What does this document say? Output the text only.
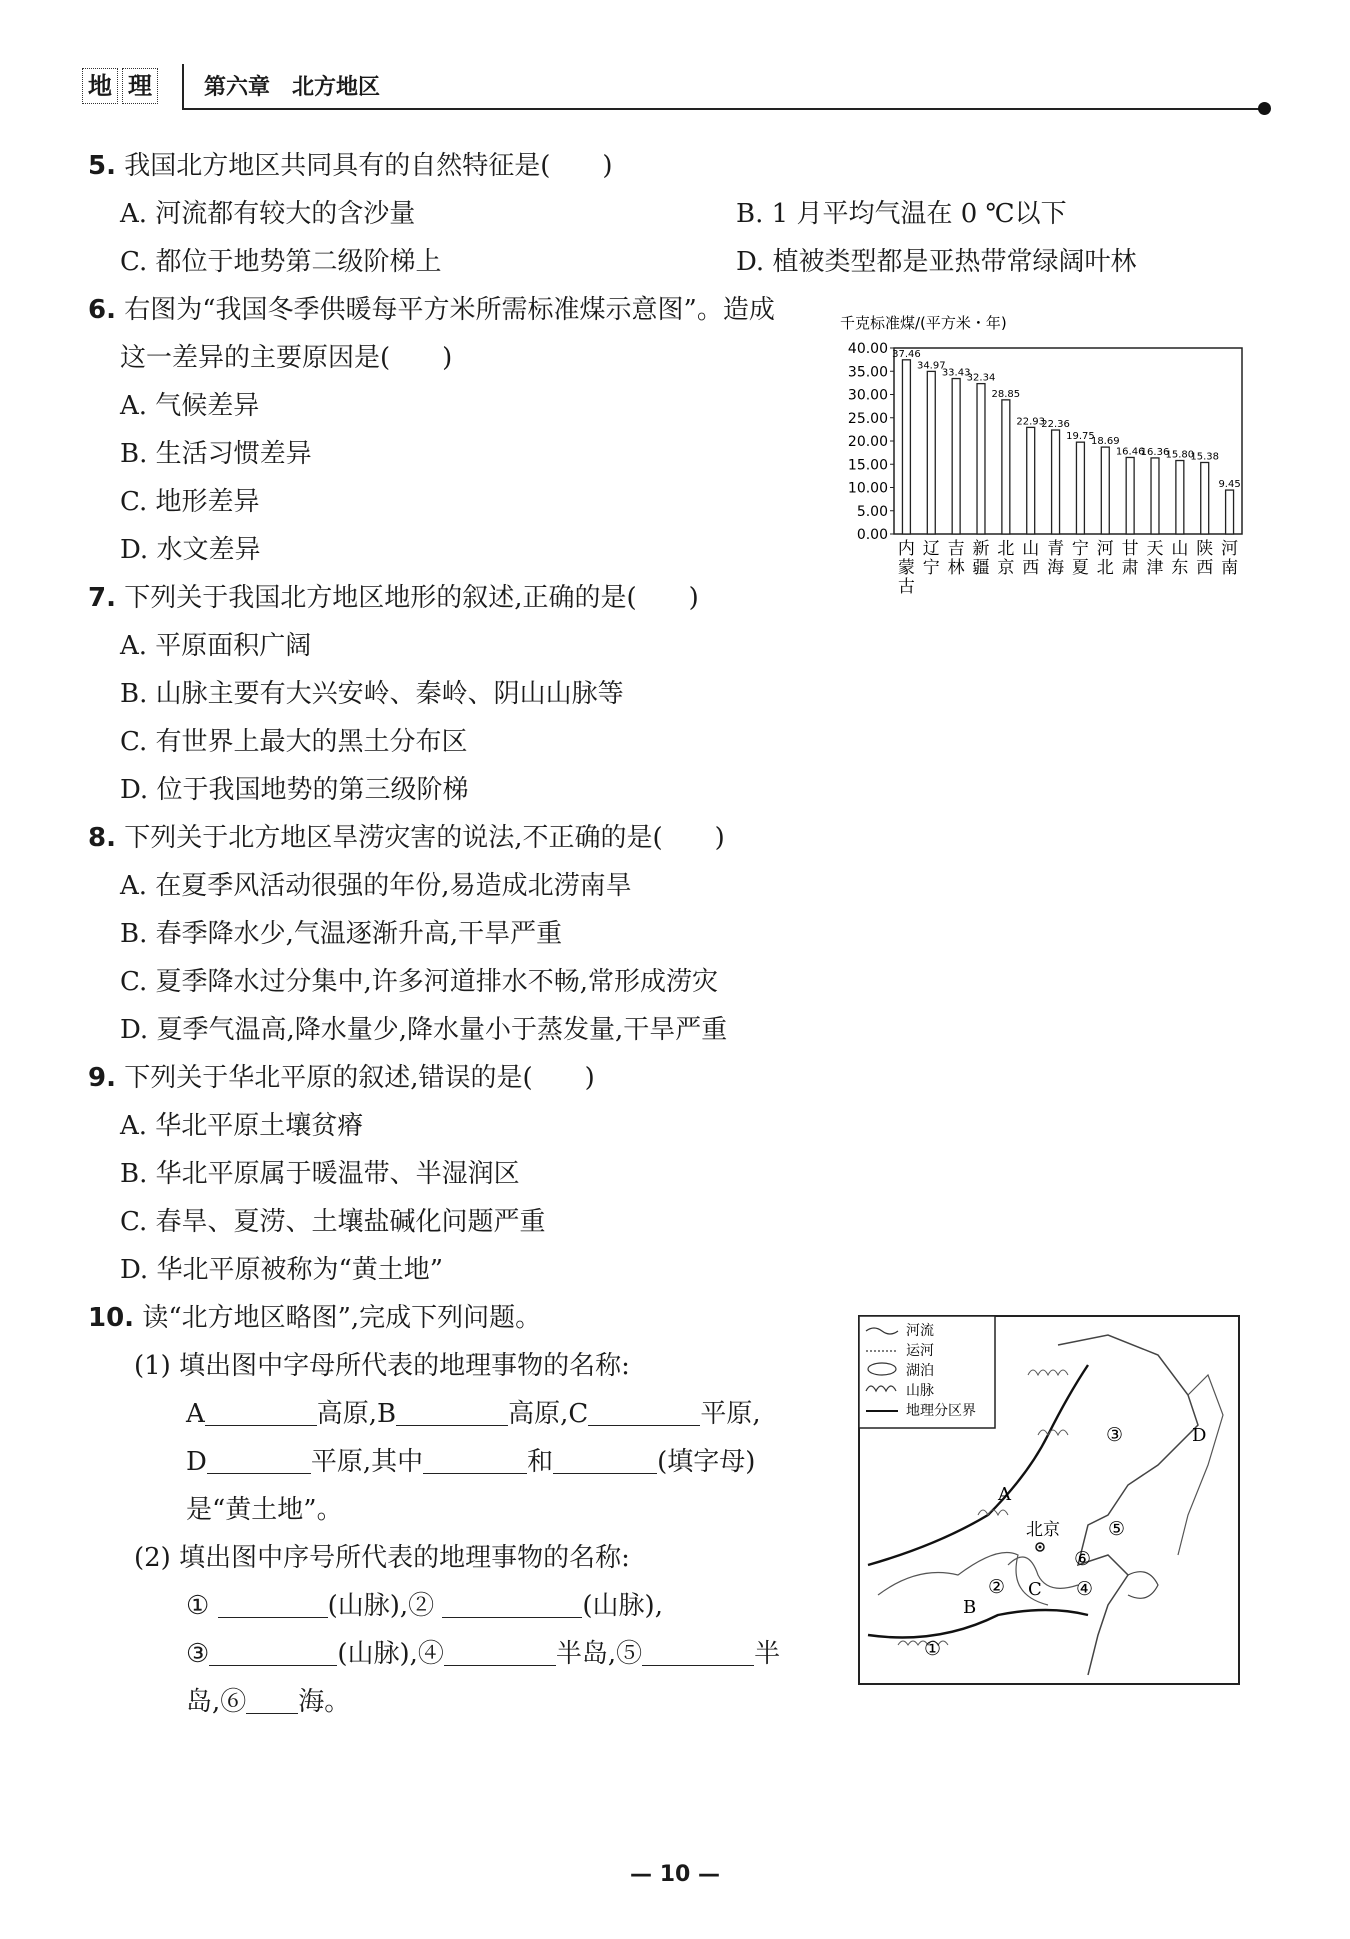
地 理 第六章　北方地区
5. 我国北方地区共同具有的自然特征是(　　)
A. 河流都有较大的含沙量	B. 1 月平均气温在 0 ℃以下
C. 都位于地势第二级阶梯上	D. 植被类型都是亚热带常绿阔叶林
6. 右图为“我国冬季供暖每平方米所需标准煤示意图”。造成
这一差异的主要原因是(　　)
A. 气候差异
B. 生活习惯差异
C. 地形差异
D. 水文差异
千克标准煤/(平方米・年)
40.00
35.00
30.00
25.00
20.00
15.00
10.00
5.00
0.00
37.46
内
蒙
古
34.97
辽
宁
33.43
吉
林
32.34
新
疆
28.85
北
京
22.93
山
西
22.36
青
海
19.75
宁
夏
18.69
河
北
16.46
甘
肃
16.36
天
津
15.80
山
东
15.38
陕
西
9.45
河
南
7. 下列关于我国北方地区地形的叙述,正确的是(　　)
A. 平原面积广阔
B. 山脉主要有大兴安岭、秦岭、阴山山脉等
C. 有世界上最大的黑土分布区
D. 位于我国地势的第三级阶梯
8. 下列关于北方地区旱涝灾害的说法,不正确的是(　　)
A. 在夏季风活动很强的年份,易造成北涝南旱
B. 春季降水少,气温逐渐升高,干旱严重
C. 夏季降水过分集中,许多河道排水不畅,常形成涝灾
D. 夏季气温高,降水量少,降水量小于蒸发量,干旱严重
9. 下列关于华北平原的叙述,错误的是(　　)
A. 华北平原土壤贫瘠
B. 华北平原属于暖温带、半湿润区
C. 春旱、夏涝、土壤盐碱化问题严重
D. 华北平原被称为“黄土地”
10. 读“北方地区略图”,完成下列问题。
(1) 填出图中字母所代表的地理事物的名称:
A	高原,B	高原,C	平原,
D	平原,其中	和	(填字母)
是“黄土地”。
(2) 填出图中序号所代表的地理事物的名称:
①	(山脉),②	(山脉),
③	(山脉),④	半岛,⑤	半
岛,⑥ 海。
河流
运河
湖泊
山脉
地理分区界
北京
A
B
C
D
①
②
③
④
⑤
⑥
— 10 —
